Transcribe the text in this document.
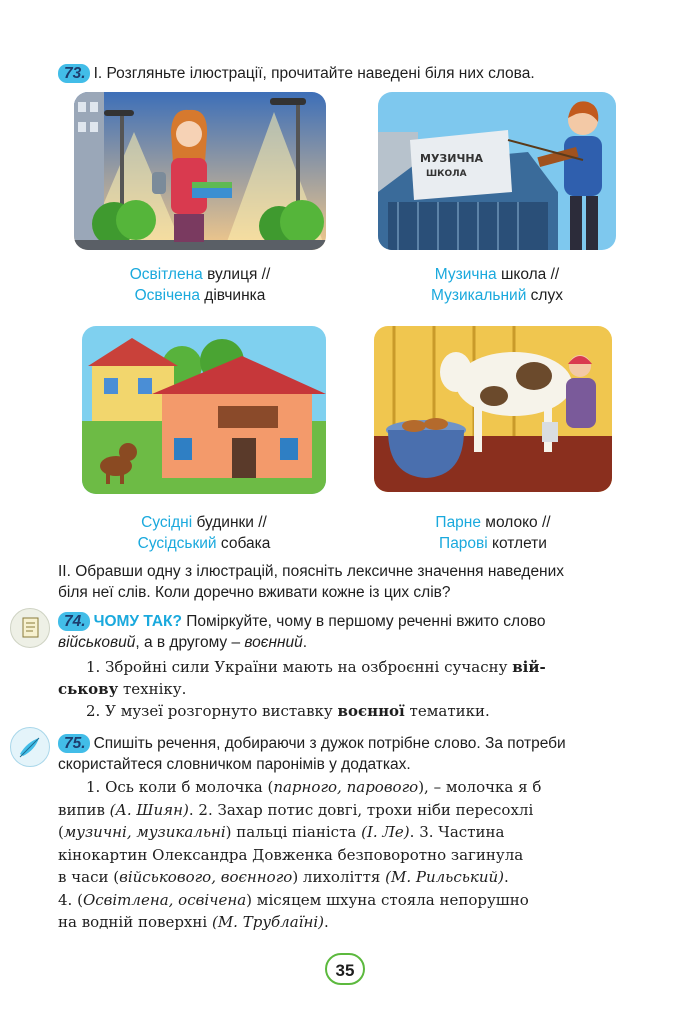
73. I. Розгляньте ілюстрації, прочитайте наведені біля них слова.
МУЗИЧНА
ШКОЛА
Освітлена вулиця //
Освічена дівчинка
Музична школа //
Музикальний слух
Сусідні будинки //
Сусідський собака
Парне молоко //
Парові котлети
II. Обравши одну з ілюстрацій, поясніть лексичне значення наведених
біля неї слів. Коли доречно вживати кожне із цих слів?
74. ЧОМУ ТАК? Поміркуйте, чому в першому реченні вжито слово
військовий, а в другому – воєнний.
1. Збройні сили України мають на озброєнні сучасну вій-
ськову техніку.
2. У музеї розгорнуто виставку воєнної тематики.
75. Спишіть речення, добираючи з дужок потрібне слово. За потреби
скористайтеся словничком паронімів у додатках.
1. Ось коли б молочка (парного, парового), – молочка я б
випив (А. Шиян). 2. Захар потис довгі, трохи ніби пересохлі
(музичні, музикальні) пальці піаніста (І. Ле). 3. Частина
кінокартин Олександра Довженка безповоротно загинула
в часи (військового, воєнного) лихоліття (М. Рильський).
4. (Освітлена, освічена) місяцем шхуна стояла непорушно
на водній поверхні (М. Трублаїні).
35
